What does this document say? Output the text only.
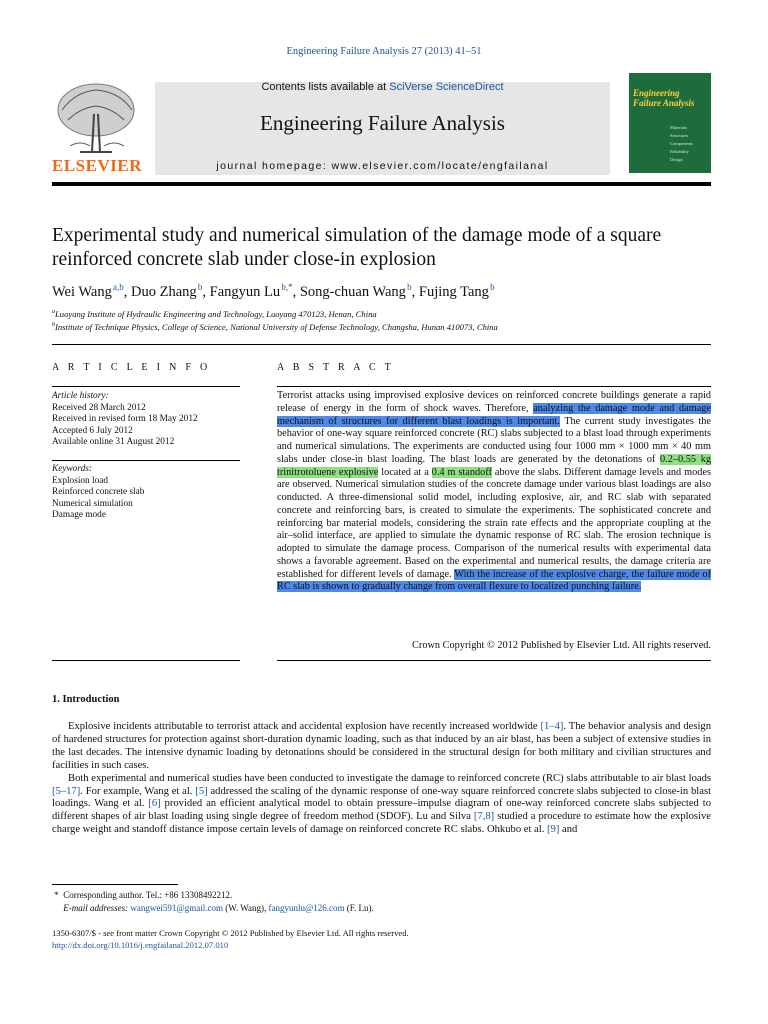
Engineering Failure Analysis 27 (2013) 41–51
ELSEVIER
Contents lists available at SciVerse ScienceDirect
Engineering Failure Analysis
journal homepage: www.elsevier.com/locate/engfailanal
Engineering Failure Analysis
Materials
Structures
Components
Reliability
Design
Experimental study and numerical simulation of the damage mode of a square reinforced concrete slab under close-in explosion
Wei Wang $^{a,b}$, Duo Zhang $^b$, Fangyun Lu $^{b,*}$, Song-chuan Wang $^b$, Fujing Tang $^b$
$^a$Luoyang Institute of Hydraulic Engineering and Technology, Luoyang 470123, Henan, China
$^b$Institute of Technique Physics, College of Science, National University of Defense Technology, Changsha, Hunan 410073, China
A R T I C L E I N F O	A B S T R A C T
Article history:
Received 28 March 2012
Received in revised form 18 May 2012
Accepted 6 July 2012
Available online 31 August 2012
Keywords:
Explosion load
Reinforced concrete slab
Numerical simulation
Damage mode
Terrorist attacks using improvised explosive devices on reinforced concrete buildings generate a rapid release of energy in the form of shock waves. Therefore, analyzing the damage mode and damage mechanism of structures for different blast loadings is important. The current study investigates the behavior of one-way square reinforced concrete (RC) slabs subjected to a blast load through experiments and numerical simulations. The experiments are conducted using four 1000 mm × 1000 mm × 40 mm slabs under close-in blast loading. The blast loads are generated by the detonations of 0.2–0.55 kg trinitrotoluene explosive located at a 0.4 m standoff above the slabs. Different damage levels and modes are observed. Numerical simulation studies of the concrete damage under various blast loadings are also conducted. A three-dimensional solid model, including explosive, air, and RC slab with separated concrete and reinforcing bars, is created to simulate the experiments. The sophisticated concrete and reinforcing bar material models, considering the strain rate effects and the appropriate coupling at the air–solid interface, are applied to simulate the dynamic response of RC slab. The erosion technique is adopted to simulate the damage process. Comparison of the numerical results with experimental data shows a favorable agreement. Based on the experimental and numerical results, the damage criteria are established for different levels of damage. With the increase of the explosive charge, the failure mode of RC slab is shown to gradually change from overall flexure to localized punching failure.
Crown Copyright © 2012 Published by Elsevier Ltd. All rights reserved.
1. Introduction

Explosive incidents attributable to terrorist attack and accidental explosion have recently increased worldwide [1–4]. The behavior analysis and design of hardened structures for protection against short-duration dynamic loading, such as that induced by an air blast, has been a subject of extensive studies in the last decades. The intensive dynamic loading by detonations should be considered in the structural design for both military and civilian structures and facilities in such cases.

Both experimental and numerical studies have been conducted to investigate the damage to reinforced concrete (RC) slabs attributable to air blast loads [5–17]. For example, Wang et al. [5] addressed the scaling of the dynamic response of one-way square reinforced concrete slabs subjected to close-in blast loadings. Wang et al. [6] provided an efficient analytical model to obtain pressure–impulse diagram of one-way reinforced concrete slabs subjected to different shapes of air blast loading using single degree of freedom method (SDOF). Lu and Silva [7,8] studied a procedure to estimate how the explosive charge weight and standoff distance impose certain levels of damage on reinforced concrete RC slabs. Ohkubo et al. [9] and

* Corresponding author. Tel.: +86 13308492212.
E-mail addresses: wangwei591@gmail.com (W. Wang), fangyunlu@126.com (F. Lu).
1350-6307/$ - see front matter Crown Copyright © 2012 Published by Elsevier Ltd. All rights reserved.
http://dx.doi.org/10.1016/j.engfailanal.2012.07.010
